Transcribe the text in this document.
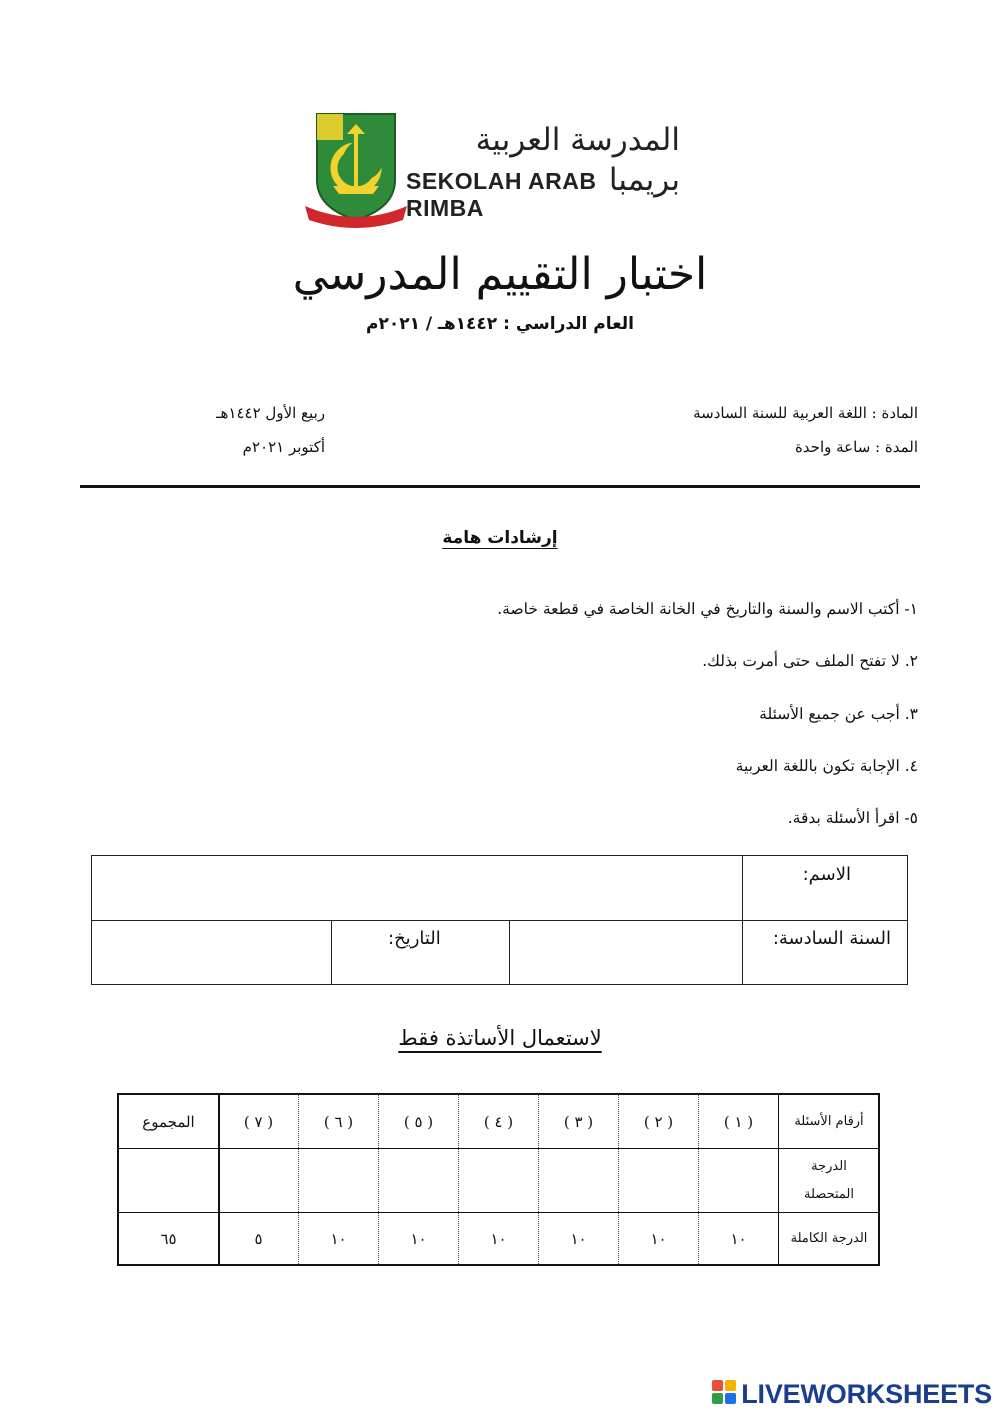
المدرسة العربية بريمبا
SEKOLAH ARAB RIMBA
اختبار التقييم المدرسي
العام الدراسي : ١٤٤٢هـ / ٢٠٢١م
المادة : اللغة العربية للسنة السادسة
المدة : ساعة واحدة
ربيع الأول ١٤٤٢هـ
أكتوبر ٢٠٢١م
إرشادات هامة
١- أكتب الاسم والسنة والتاريخ في الخانة الخاصة في قطعة خاصة.
٢. لا تفتح الملف حتى أمرت بذلك.
٣. أجب عن جميع الأسئلة
٤. الإجابة تكون باللغة العربية
٥- اقرأ الأسئلة بدقة.
الاسم:
السنة السادسة:
التاريخ:
لاستعمال الأساتذة فقط
أرقام الأسئلة
( ١ )
( ٢ )
( ٣ )
( ٤ )
( ٥ )
( ٦ )
( ٧ )
المجموع
الدرجة المتحصلة
الدرجة الكاملة
١٠
١٠
١٠
١٠
١٠
١٠
٥
٦٥
LIVEWORKSHEETS
